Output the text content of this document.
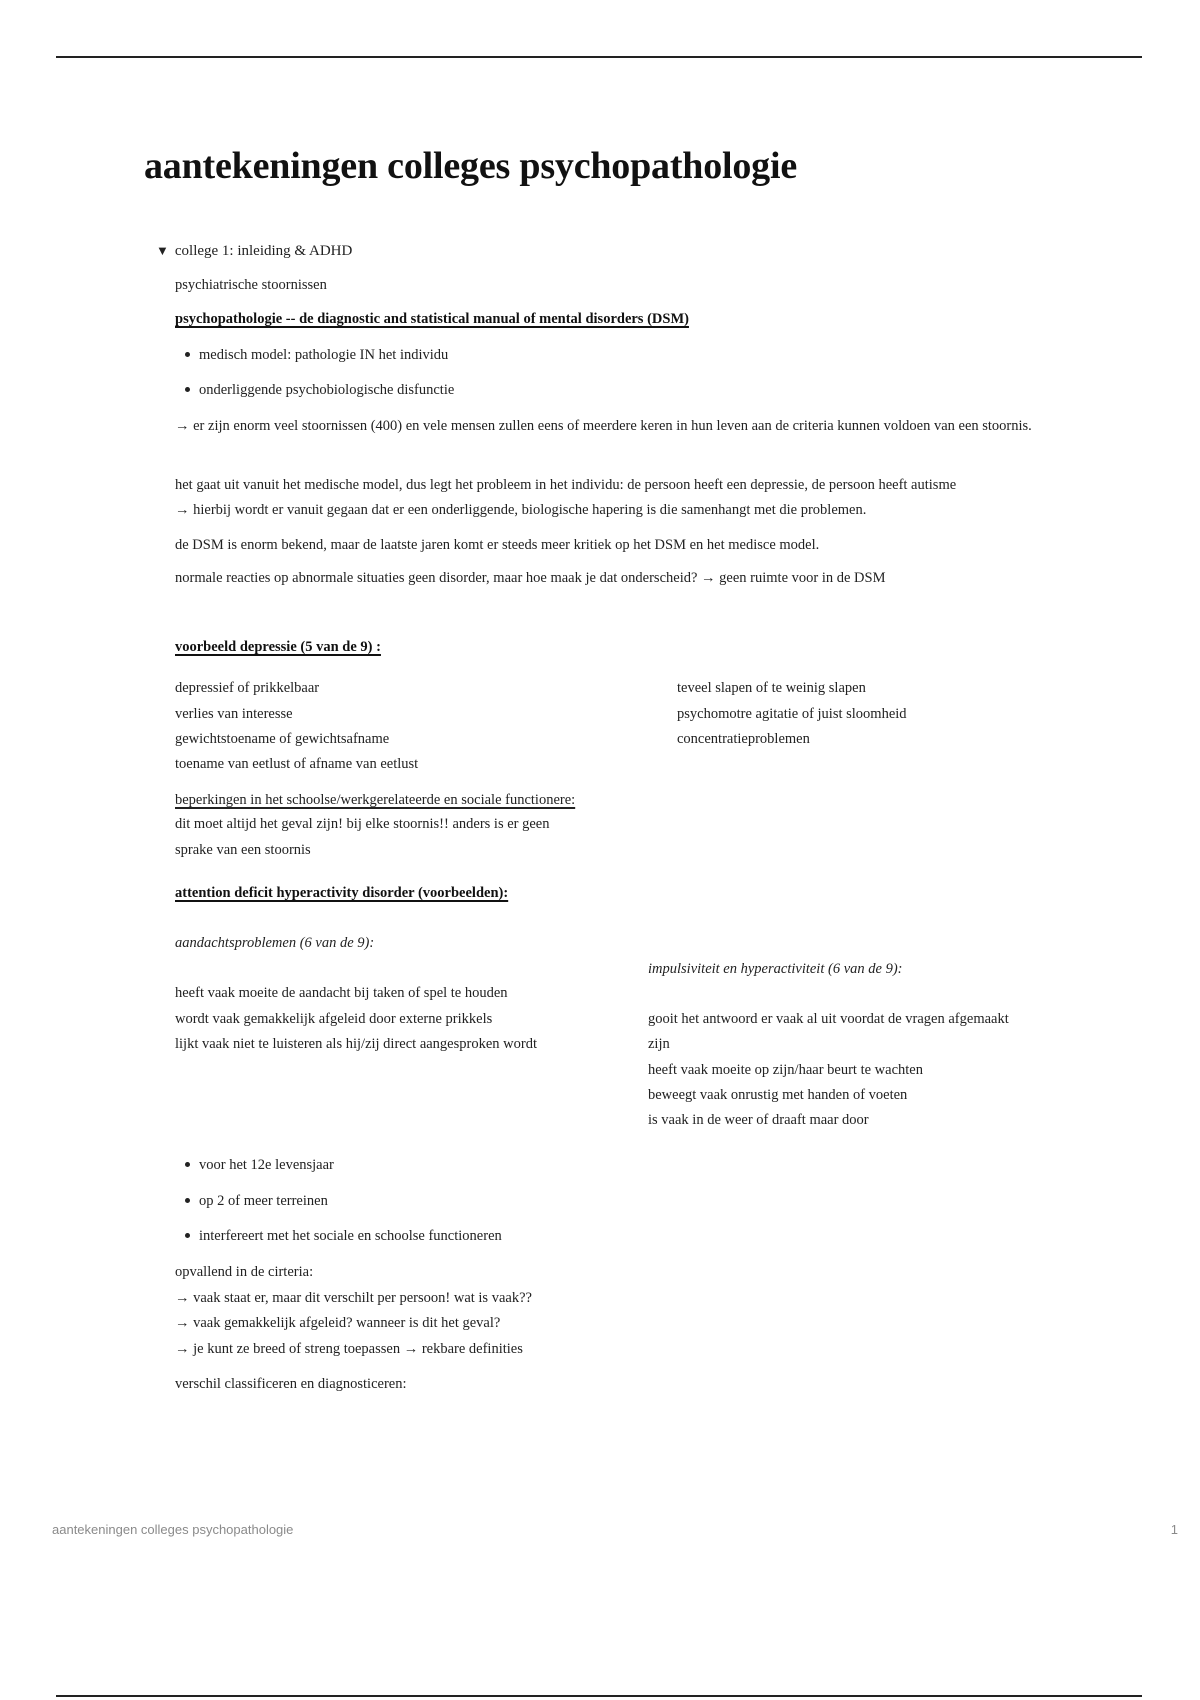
aantekeningen colleges psychopathologie
▼ college 1: inleiding & ADHD
psychiatrische stoornissen
psychopathologie -- de diagnostic and statistical manual of mental disorders (DSM)
medisch model: pathologie IN het individu
onderliggende psychobiologische disfunctie
→ er zijn enorm veel stoornissen (400) en vele mensen zullen eens of meerdere keren in hun leven aan de criteria kunnen voldoen van een stoornis.
het gaat uit vanuit het medische model, dus legt het probleem in het individu: de persoon heeft een depressie, de persoon heeft autisme
→ hierbij wordt er vanuit gegaan dat er een onderliggende, biologische hapering is die samenhangt met die problemen.
de DSM is enorm bekend, maar de laatste jaren komt er steeds meer kritiek op het DSM en het medisce model.
normale reacties op abnormale situaties geen disorder, maar hoe maak je dat onderscheid? → geen ruimte voor in de DSM
voorbeeld depressie (5 van de 9) :
depressief of prikkelbaar
verlies van interesse
gewichtstoename of gewichtsafname
toename van eetlust of afname van eetlust
teveel slapen of te weinig slapen
psychomotre agitatie of juist sloomheid
concentratieproblemen
beperkingen in het schoolse/werkgerelateerde en sociale functionere:
dit moet altijd het geval zijn! bij elke stoornis!! anders is er geen
sprake van een stoornis
attention deficit hyperactivity disorder (voorbeelden):
aandachtsproblemen (6 van de 9):
heeft vaak moeite de aandacht bij taken of spel te houden
wordt vaak gemakkelijk afgeleid door externe prikkels
lijkt vaak niet te luisteren als hij/zij direct aangesproken wordt
impulsiviteit en hyperactiviteit (6 van de 9):
gooit het antwoord er vaak al uit voordat de vragen afgemaakt
zijn
heeft vaak moeite op zijn/haar beurt te wachten
beweegt vaak onrustig met handen of voeten
is vaak in de weer of draaft maar door
voor het 12e levensjaar
op 2 of meer terreinen
interfereert met het sociale en schoolse functioneren
opvallend in de cirteria:
→ vaak staat er, maar dit verschilt per persoon! wat is vaak??
→ vaak gemakkelijk afgeleid? wanneer is dit het geval?
→ je kunt ze breed of streng toepassen → rekbare definities
verschil classificeren en diagnosticeren:
aantekeningen colleges psychopathologie	1
